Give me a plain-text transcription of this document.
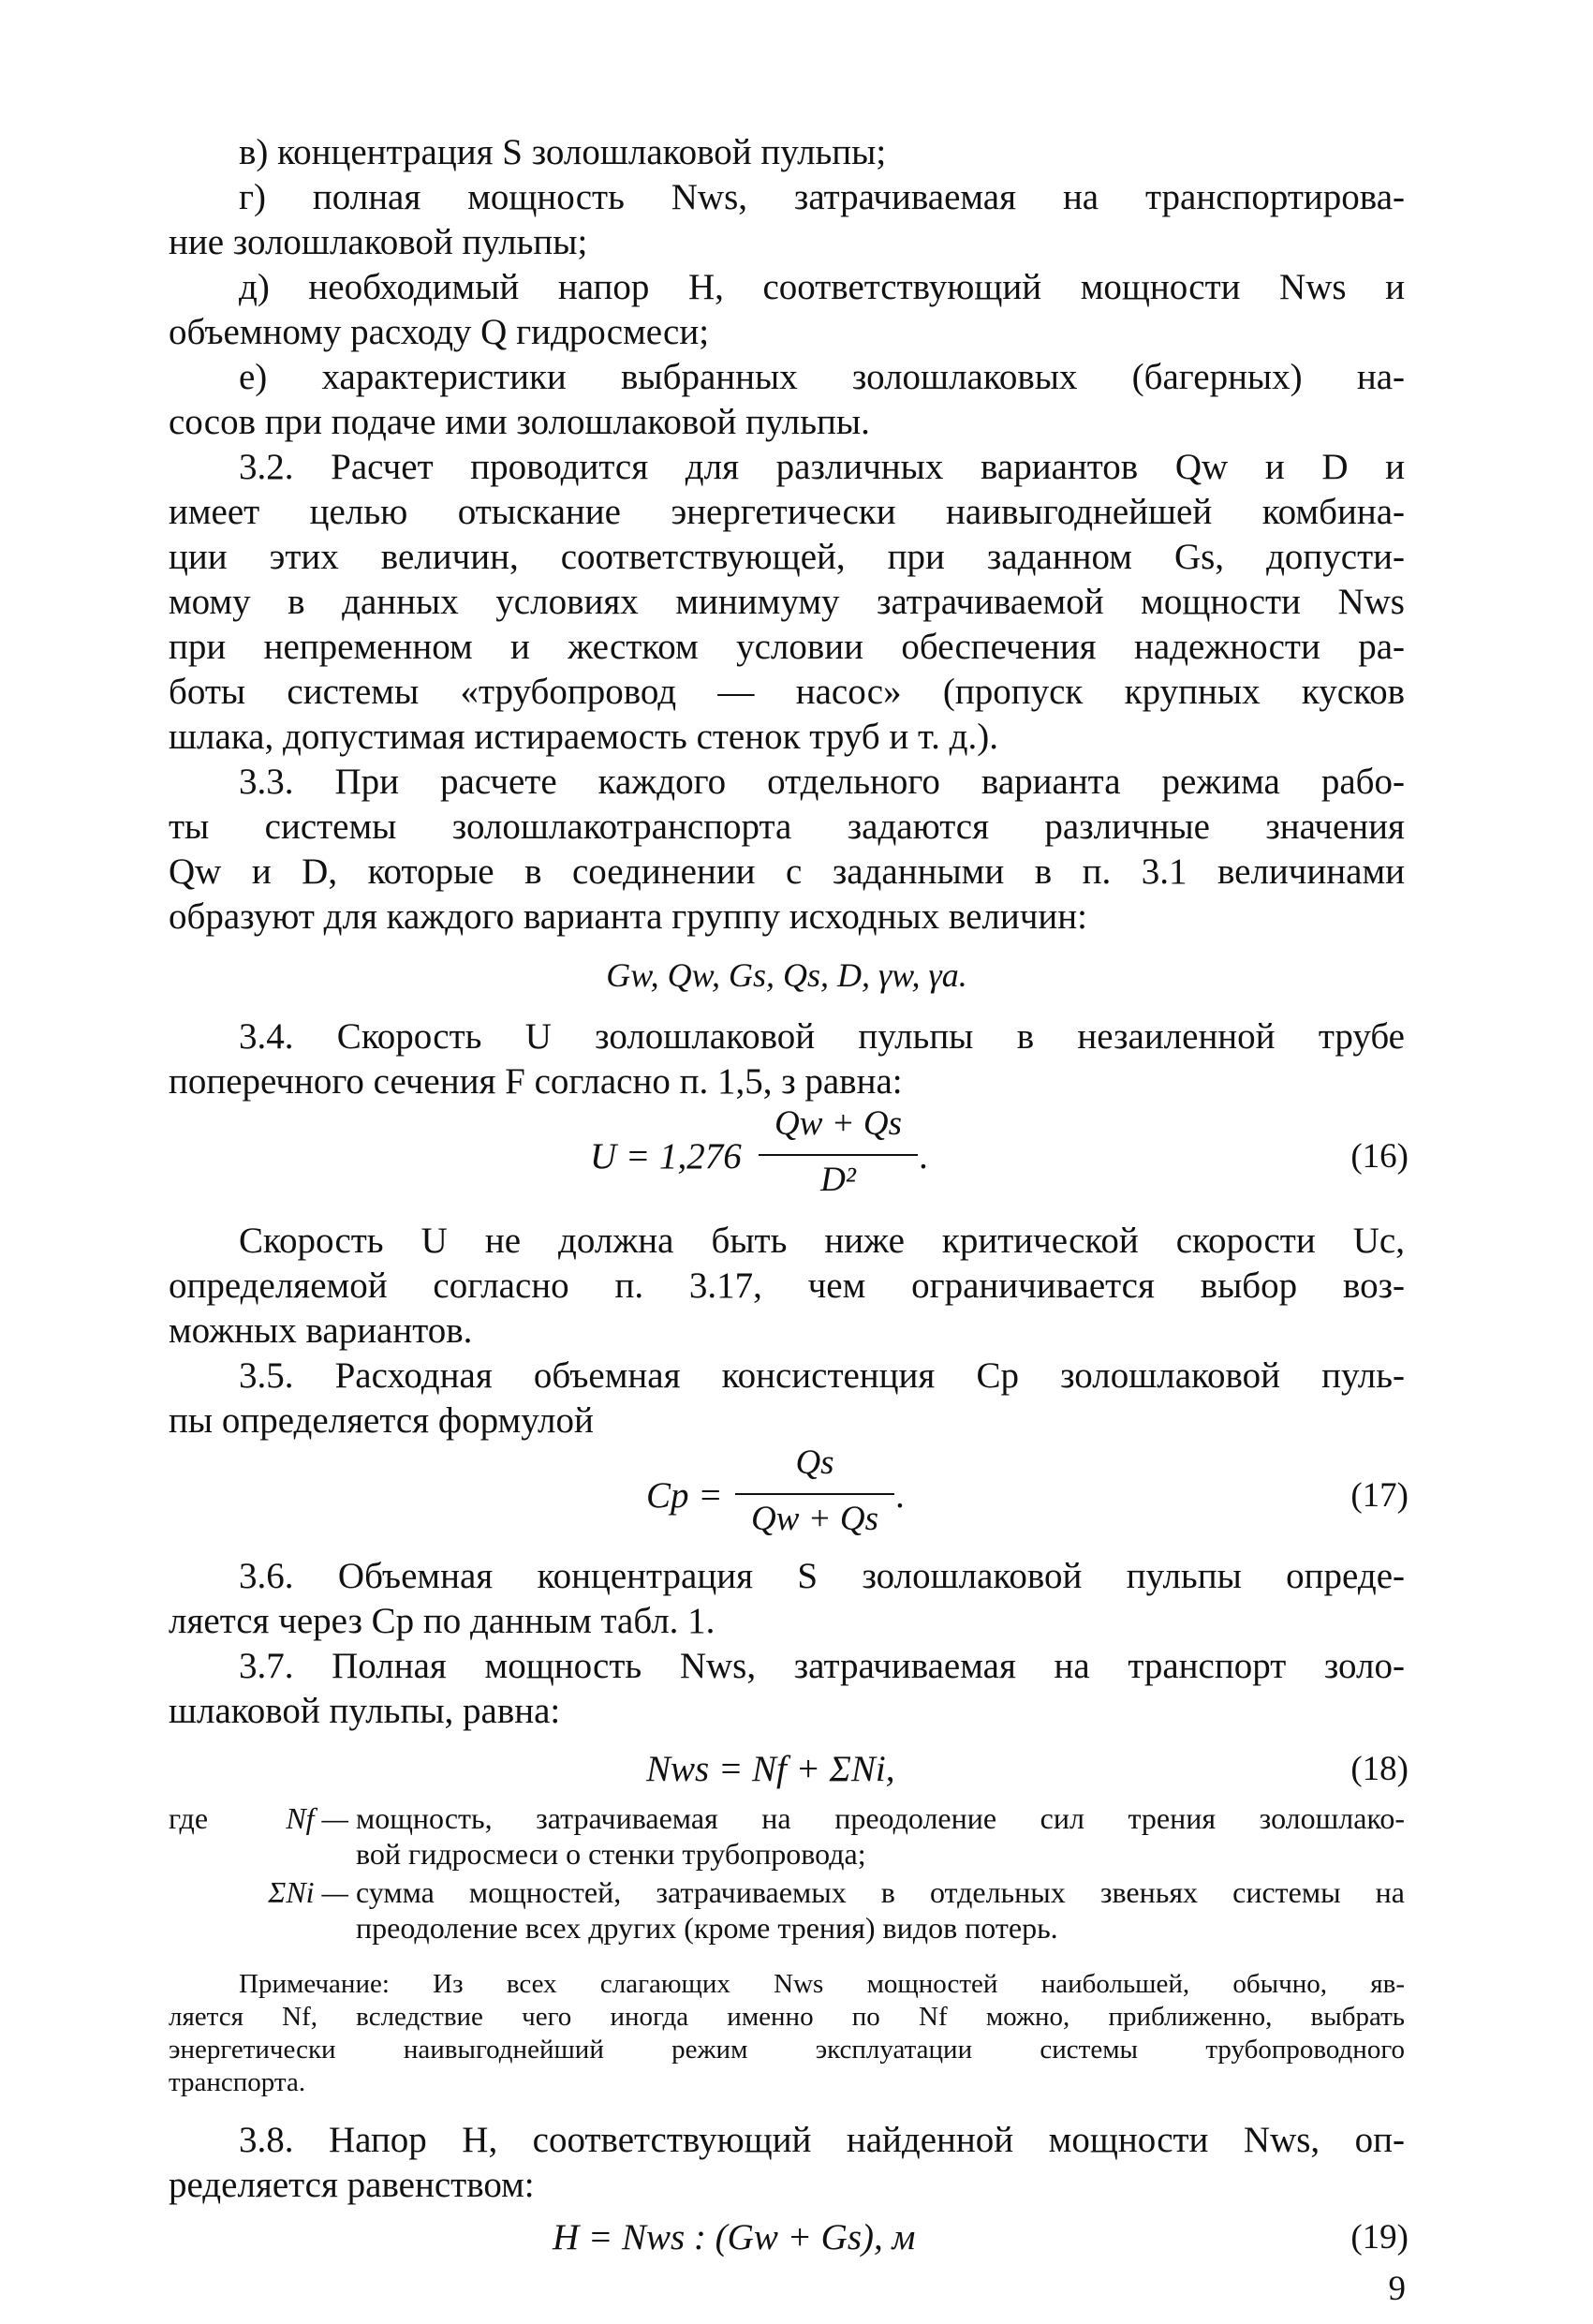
в) концентрация S золошлаковой пульпы;
г) полная мощность Nws, затрачиваемая на транспортирова-
ние золошлаковой пульпы;
д) необходимый напор H, соответствующий мощности Nws и
объемному расходу Q гидросмеси;
е) характеристики выбранных золошлаковых (багерных) на-
сосов при подаче ими золошлаковой пульпы.
3.2. Расчет проводится для различных вариантов Qw и D и
имеет целью отыскание энергетически наивыгоднейшей комбина-
ции этих величин, соответствующей, при заданном Gs, допусти-
мому в данных условиях минимуму затрачиваемой мощности Nws
при непременном и жестком условии обеспечения надежности ра-
боты системы «трубопровод — насос» (пропуск крупных кусков
шлака, допустимая истираемость стенок труб и т. д.).
3.3. При расчете каждого отдельного варианта режима рабо-
ты системы золошлакотранспорта задаются различные значения
Qw и D, которые в соединении с заданными в п. 3.1 величинами
образуют для каждого варианта группу исходных величин:
Gw, Qw, Gs, Qs, D, γw, γа.
3.4. Скорость U золошлаковой пульпы в незаиленной трубе
поперечного сечения F согласно п. 1,5, з равна:
U = 1,276
Qw + Qs
D²
.	(16)
Скорость U не должна быть ниже критической скорости Uc,
определяемой согласно п. 3.17, чем ограничивается выбор воз-
можных вариантов.
3.5. Расходная объемная консистенция Cр золошлаковой пуль-
пы определяется формулой
Cр =
Qs
Qw + Qs
.	(17)
3.6. Объемная концентрация S золошлаковой пульпы опреде-
ляется через Cр по данным табл. 1.
3.7. Полная мощность Nws, затрачиваемая на транспорт золо-
шлаковой пульпы, равна:
Nws = Nf + ΣNi,	(18)
где	Nf — мощность, затрачиваемая на преодоление сил трения золошлако-
вой гидросмеси о стенки трубопровода;
ΣNi — сумма мощностей, затрачиваемых в отдельных звеньях системы на
преодоление всех других (кроме трения) видов потерь.
Примечание: Из всех слагающих Nws мощностей наибольшей, обычно, яв-
ляется Nf, вследствие чего иногда именно по Nf можно, приближенно, выбрать
энергетически наивыгоднейший режим эксплуатации системы трубопроводного
транспорта.
3.8. Напор H, соответствующий найденной мощности Nws, оп-
ределяется равенством:
H = Nws : (Gw + Gs), м	(19)
9
